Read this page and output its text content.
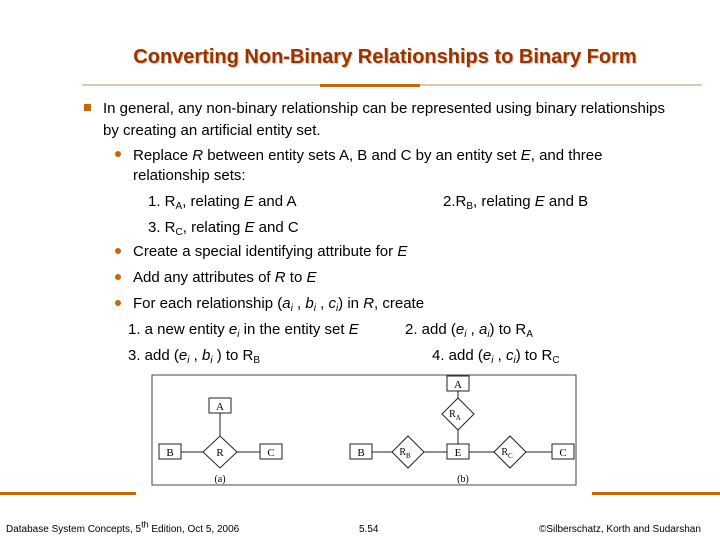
Converting Non-Binary Relationships to Binary Form
In general, any non-binary relationship can be represented using binary relationships
by creating an artificial entity set.
Replace R between entity sets A, B and C by an entity set E, and three
relationship sets:
1. $R_A$, relating E and A	$2.R_B$, relating E and B
3. $R_C$, relating E and C
Create a special identifying attribute for E
Add any attributes of R to E
For each relationship ($a_i$ , $b_i$ , $c_i$) in R, create
1. a new entity $e_i$ in the entity set E	2. add ($e_i$ , $a_i$) to $R_A$
3. add ($e_i$ , $b_i$ ) to $R_B$	4. add ($e_i$ , $c_i$) to $R_C$
A
B	C
R
(a)
A
$R_A$
B	$R_B$	E	$R_C$	C
(b)
Database System Concepts, 5th Edition, Oct 5, 2006	5.54	©Silberschatz, Korth and Sudarshan
